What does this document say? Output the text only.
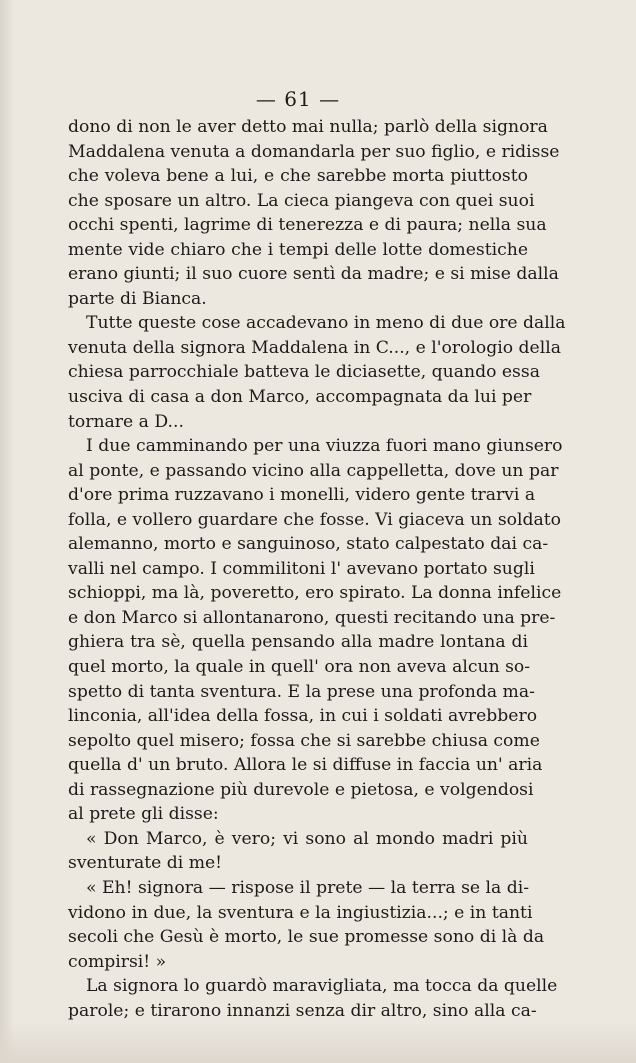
— 61 —
dono di non le aver detto mai nulla; parlò della signora
Maddalena venuta a domandarla per suo figlio, e ridisse
che voleva bene a lui, e che sarebbe morta piuttosto
che sposare un altro. La cieca piangeva con quei suoi
occhi spenti, lagrime di tenerezza e di paura; nella sua
mente vide chiaro che i tempi delle lotte domestiche
erano giunti; il suo cuore sentì da madre; e si mise dalla
parte di Bianca.
Tutte queste cose accadevano in meno di due ore dalla
venuta della signora Maddalena in C..., e l'orologio della
chiesa parrocchiale batteva le diciasette, quando essa
usciva di casa a don Marco, accompagnata da lui per
tornare a D...
I due camminando per una viuzza fuori mano giunsero
al ponte, e passando vicino alla cappelletta, dove un par
d'ore prima ruzzavano i monelli, videro gente trarvi a
folla, e vollero guardare che fosse. Vi giaceva un soldato
alemanno, morto e sanguinoso, stato calpestato dai ca-
valli nel campo. I commilitoni l' avevano portato sugli
schioppi, ma là, poveretto, ero spirato. La donna infelice
e don Marco si allontanarono, questi recitando una pre-
ghiera tra sè, quella pensando alla madre lontana di
quel morto, la quale in quell' ora non aveva alcun so-
spetto di tanta sventura. E la prese una profonda ma-
linconia, all'idea della fossa, in cui i soldati avrebbero
sepolto quel misero; fossa che si sarebbe chiusa come
quella d' un bruto. Allora le si diffuse in faccia un' aria
di rassegnazione più durevole e pietosa, e volgendosi
al prete gli disse:
« Don Marco, è vero; vi sono al mondo madri più
sventurate di me!
« Eh! signora — rispose il prete — la terra se la di-
vidono in due, la sventura e la ingiustizia...; e in tanti
secoli che Gesù è morto, le sue promesse sono di là da
compirsi! »
La signora lo guardò maravigliata, ma tocca da quelle
parole; e tirarono innanzi senza dir altro, sino alla ca-
